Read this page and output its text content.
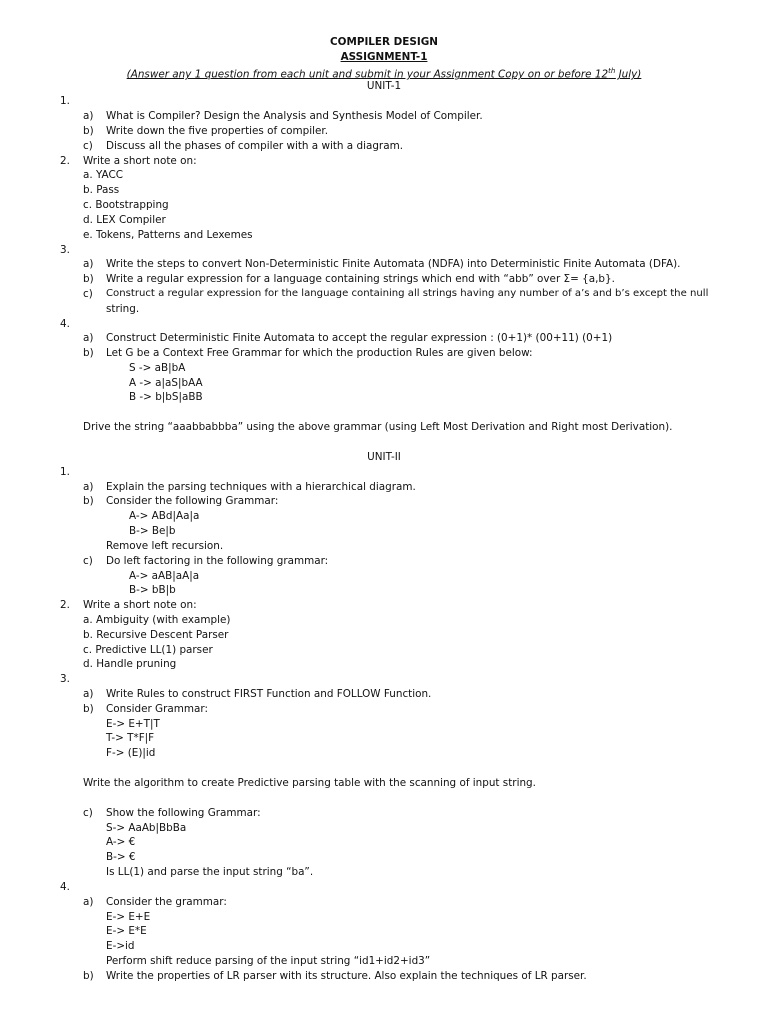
COMPILER DESIGN
ASSIGNMENT-1
(Answer any 1 question from each unit and submit in your Assignment Copy on or before 12th July)
UNIT-1
1.
a) What is Compiler? Design the Analysis and Synthesis Model of Compiler.
b) Write down the five properties of compiler.
c) Discuss all the phases of compiler with a with a diagram.
2. Write a short note on:
a. YACC
b. Pass
c. Bootstrapping
d. LEX Compiler
e. Tokens, Patterns and Lexemes
3.
a) Write the steps to convert Non-Deterministic Finite Automata (NDFA) into Deterministic Finite Automata (DFA).
b) Write a regular expression for a language containing strings which end with “abb” over Σ= {a,b}.
c) Construct a regular expression for the language containing all strings having any number of a’s and b’s except the null
string.
4.
a) Construct Deterministic Finite Automata to accept the regular expression : (0+1)* (00+11) (0+1)
b) Let G be a Context Free Grammar for which the production Rules are given below:
S -> aB|bA
A -> a|aS|bAA
B -> b|bS|aBB
Drive the string “aaabbabbba” using the above grammar (using Left Most Derivation and Right most Derivation).
UNIT-II
1.
a) Explain the parsing techniques with a hierarchical diagram.
b) Consider the following Grammar:
A-> ABd|Aa|a
B-> Be|b
Remove left recursion.
c) Do left factoring in the following grammar:
A-> aAB|aA|a
B-> bB|b
2. Write a short note on:
a. Ambiguity (with example)
b. Recursive Descent Parser
c. Predictive LL(1) parser
d. Handle pruning
3.
a) Write Rules to construct FIRST Function and FOLLOW Function.
b) Consider Grammar:
E-> E+T|T
T-> T*F|F
F-> (E)|id
Write the algorithm to create Predictive parsing table with the scanning of input string.
c) Show the following Grammar:
S-> AaAb|BbBa
A-> €
B-> €
Is LL(1) and parse the input string “ba”.
4.
a) Consider the grammar:
E-> E+E
E-> E*E
E->id
Perform shift reduce parsing of the input string “id1+id2+id3”
b) Write the properties of LR parser with its structure. Also explain the techniques of LR parser.
